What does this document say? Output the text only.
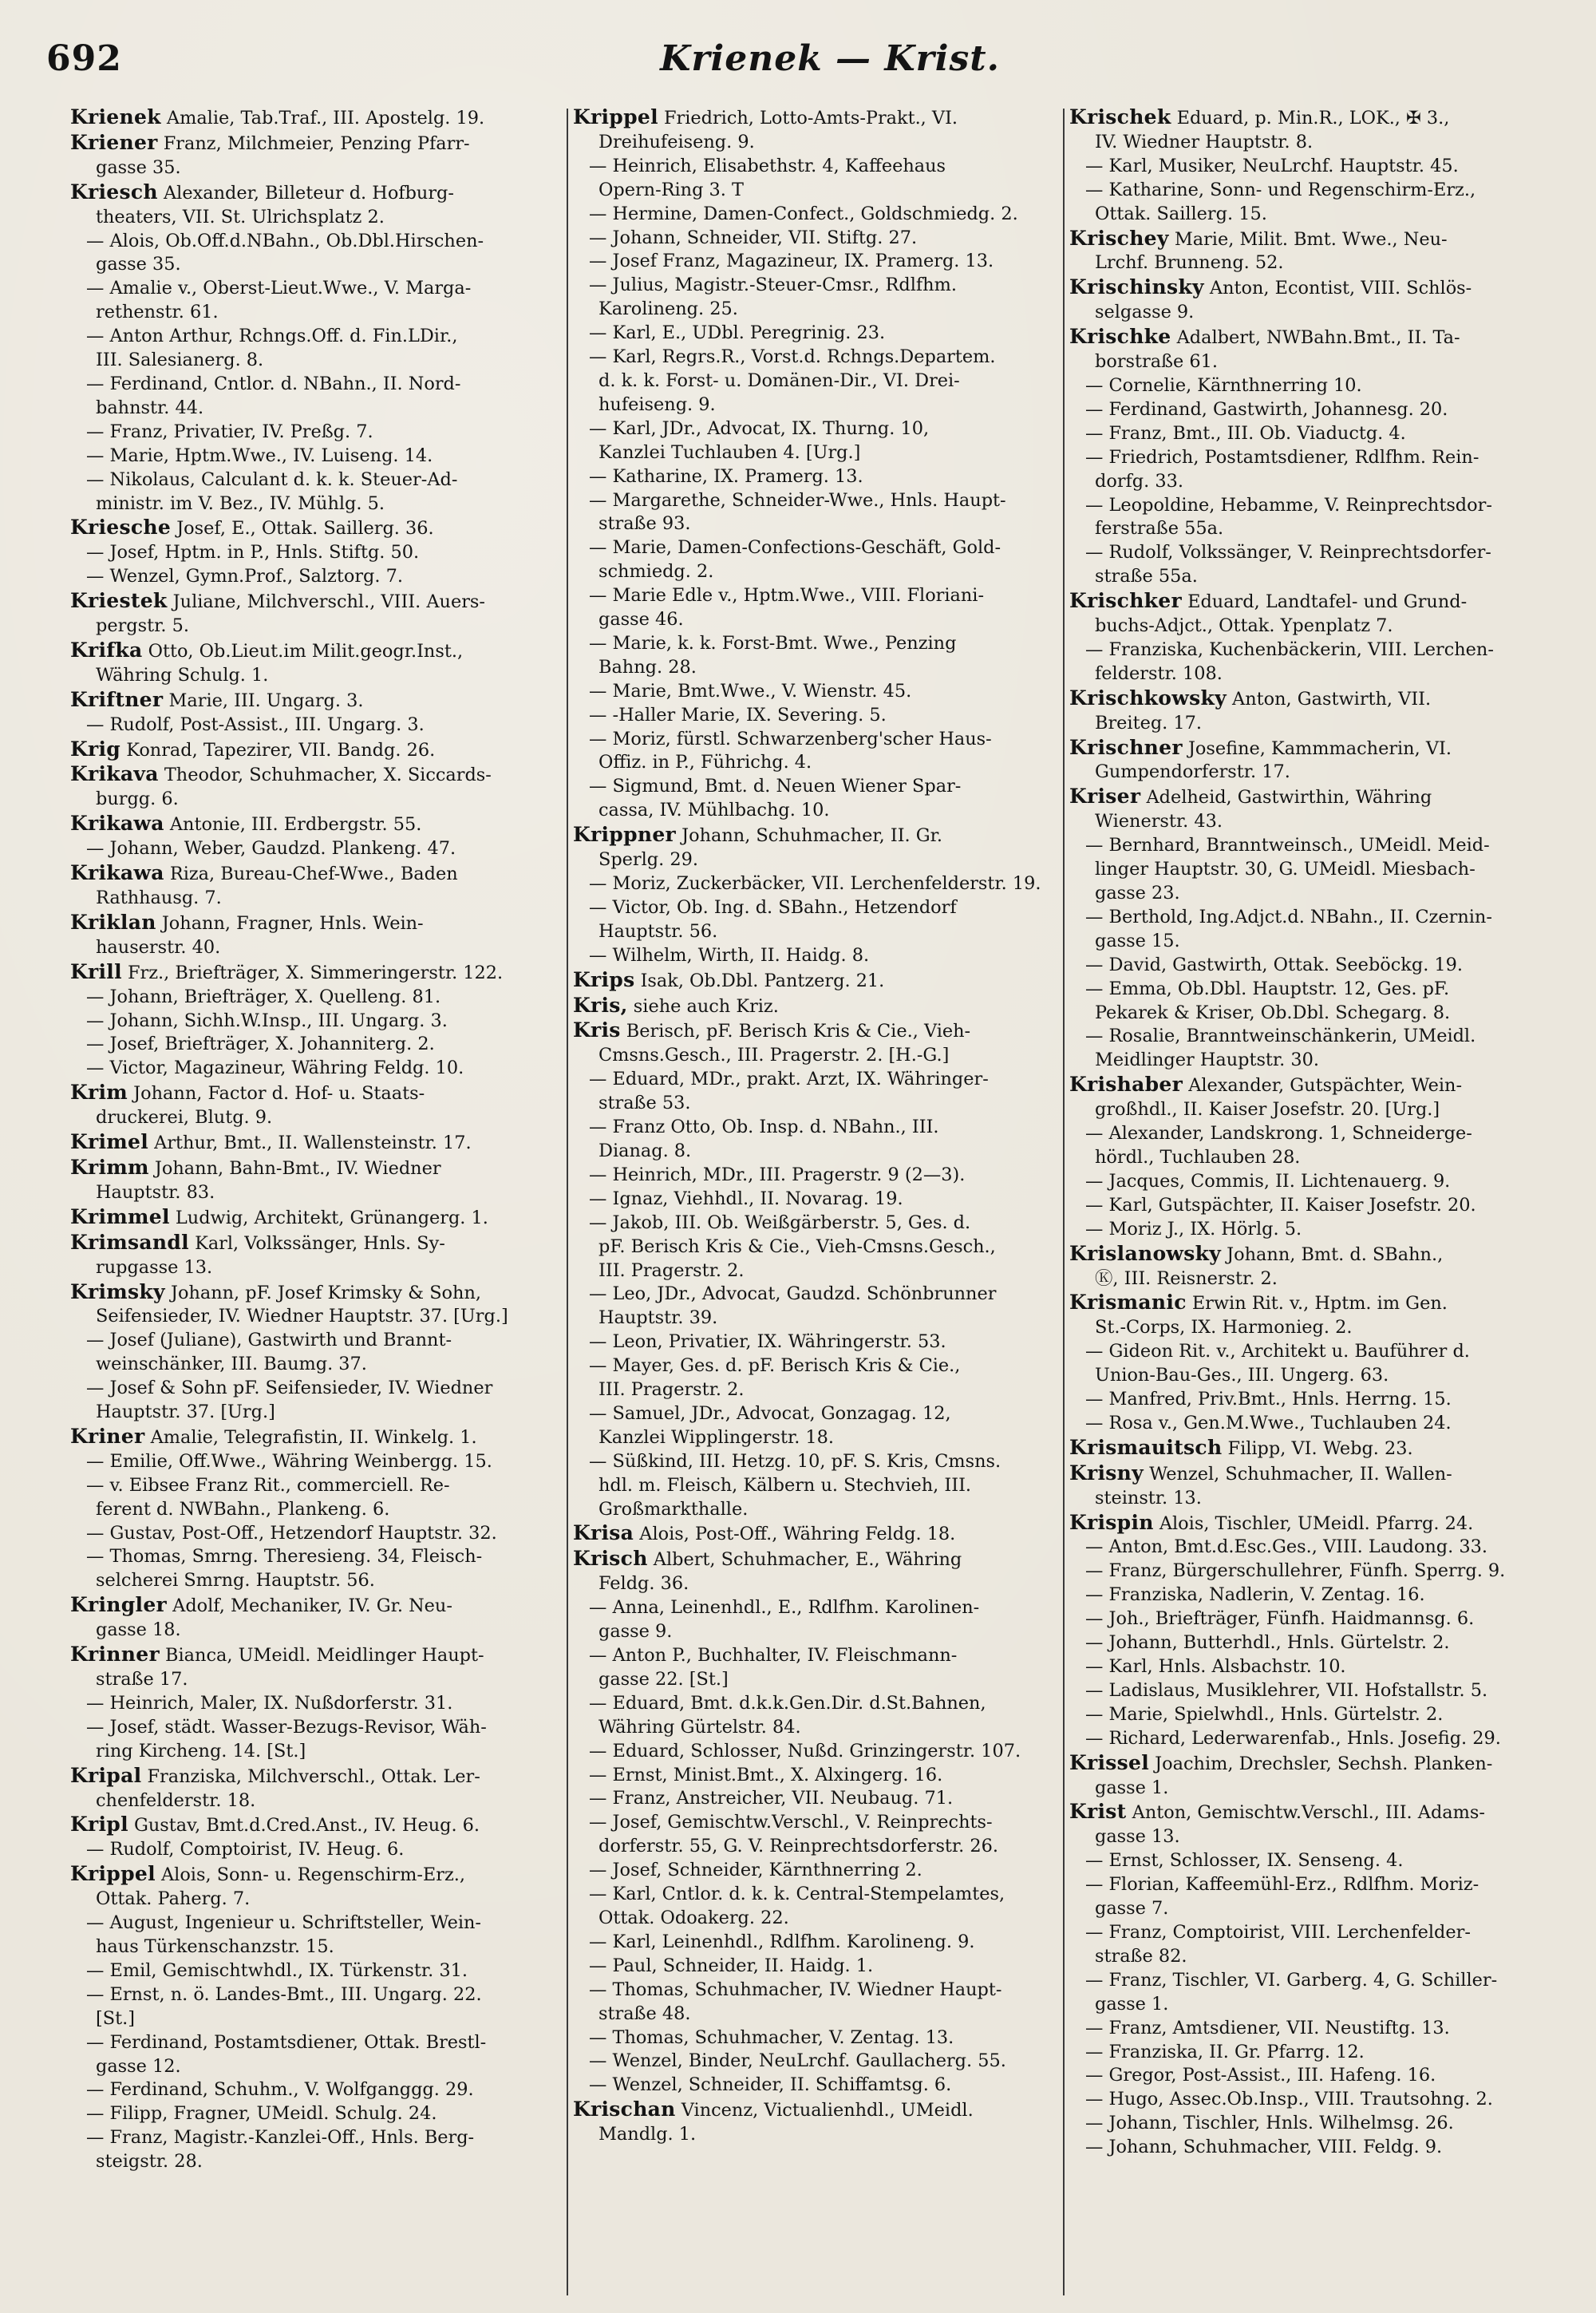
692	Krienek — Krist.
Krienek Amalie, Tab.Traf., III. Apostelg. 19.
Kriener Franz, Milchmeier, Penzing Pfarr-
gasse 35.
Kriesch Alexander, Billeteur d. Hofburg-
theaters, VII. St. Ulrichsplatz 2.
— Alois, Ob.Off.d.NBahn., Ob.Dbl.Hirschen-
gasse 35.
— Amalie v., Oberst-Lieut.Wwe., V. Marga-
rethenstr. 61.
— Anton Arthur, Rchngs.Off. d. Fin.LDir.,
III. Salesianerg. 8.
— Ferdinand, Cntlor. d. NBahn., II. Nord-
bahnstr. 44.
— Franz, Privatier, IV. Preßg. 7.
— Marie, Hptm.Wwe., IV. Luiseng. 14.
— Nikolaus, Calculant d. k. k. Steuer-Ad-
ministr. im V. Bez., IV. Mühlg. 5.
Kriesche Josef, E., Ottak. Saillerg. 36.
— Josef, Hptm. in P., Hnls. Stiftg. 50.
— Wenzel, Gymn.Prof., Salztorg. 7.
Kriestek Juliane, Milchverschl., VIII. Auers-
pergstr. 5.
Krifka Otto, Ob.Lieut.im Milit.geogr.Inst.,
Währing Schulg. 1.
Kriftner Marie, III. Ungarg. 3.
— Rudolf, Post-Assist., III. Ungarg. 3.
Krig Konrad, Tapezirer, VII. Bandg. 26.
Krikava Theodor, Schuhmacher, X. Siccards-
burgg. 6.
Krikawa Antonie, III. Erdbergstr. 55.
— Johann, Weber, Gaudzd. Plankeng. 47.
Krikawa Riza, Bureau-Chef-Wwe., Baden
Rathhausg. 7.
Kriklan Johann, Fragner, Hnls. Wein-
hauserstr. 40.
Krill Frz., Briefträger, X. Simmeringerstr. 122.
— Johann, Briefträger, X. Quelleng. 81.
— Johann, Sichh.W.Insp., III. Ungarg. 3.
— Josef, Briefträger, X. Johanniterg. 2.
— Victor, Magazineur, Währing Feldg. 10.
Krim Johann, Factor d. Hof- u. Staats-
druckerei, Blutg. 9.
Krimel Arthur, Bmt., II. Wallensteinstr. 17.
Krimm Johann, Bahn-Bmt., IV. Wiedner
Hauptstr. 83.
Krimmel Ludwig, Architekt, Grünangerg. 1.
Krimsandl Karl, Volkssänger, Hnls. Sy-
rupgasse 13.
Krimsky Johann, pF. Josef Krimsky & Sohn,
Seifensieder, IV. Wiedner Hauptstr. 37. [Urg.]
— Josef (Juliane), Gastwirth und Brannt-
weinschänker, III. Baumg. 37.
— Josef & Sohn pF. Seifensieder, IV. Wiedner
Hauptstr. 37. [Urg.]
Kriner Amalie, Telegrafistin, II. Winkelg. 1.
— Emilie, Off.Wwe., Währing Weinbergg. 15.
— v. Eibsee Franz Rit., commerciell. Re-
ferent d. NWBahn., Plankeng. 6.
— Gustav, Post-Off., Hetzendorf Hauptstr. 32.
— Thomas, Smrng. Theresieng. 34, Fleisch-
selcherei Smrng. Hauptstr. 56.
Kringler Adolf, Mechaniker, IV. Gr. Neu-
gasse 18.
Krinner Bianca, UMeidl. Meidlinger Haupt-
straße 17.
— Heinrich, Maler, IX. Nußdorferstr. 31.
— Josef, städt. Wasser-Bezugs-Revisor, Wäh-
ring Kircheng. 14. [St.]
Kripal Franziska, Milchverschl., Ottak. Ler-
chenfelderstr. 18.
Kripl Gustav, Bmt.d.Cred.Anst., IV. Heug. 6.
— Rudolf, Comptoirist, IV. Heug. 6.
Krippel Alois, Sonn- u. Regenschirm-Erz.,
Ottak. Paherg. 7.
— August, Ingenieur u. Schriftsteller, Wein-
haus Türkenschanzstr. 15.
— Emil, Gemischtwhdl., IX. Türkenstr. 31.
— Ernst, n. ö. Landes-Bmt., III. Ungarg. 22.
[St.]
— Ferdinand, Postamtsdiener, Ottak. Brestl-
gasse 12.
— Ferdinand, Schuhm., V. Wolfganggg. 29.
— Filipp, Fragner, UMeidl. Schulg. 24.
— Franz, Magistr.-Kanzlei-Off., Hnls. Berg-
steigstr. 28.
Krippel Friedrich, Lotto-Amts-Prakt., VI.
Dreihufeiseng. 9.
— Heinrich, Elisabethstr. 4, Kaffeehaus
Opern-Ring 3. T
— Hermine, Damen-Confect., Goldschmiedg. 2.
— Johann, Schneider, VII. Stiftg. 27.
— Josef Franz, Magazineur, IX. Pramerg. 13.
— Julius, Magistr.-Steuer-Cmsr., Rdlfhm.
Karolineng. 25.
— Karl, E., UDbl. Peregrinig. 23.
— Karl, Regrs.R., Vorst.d. Rchngs.Departem.
d. k. k. Forst- u. Domänen-Dir., VI. Drei-
hufeiseng. 9.
— Karl, JDr., Advocat, IX. Thurng. 10,
Kanzlei Tuchlauben 4. [Urg.]
— Katharine, IX. Pramerg. 13.
— Margarethe, Schneider-Wwe., Hnls. Haupt-
straße 93.
— Marie, Damen-Confections-Geschäft, Gold-
schmiedg. 2.
— Marie Edle v., Hptm.Wwe., VIII. Floriani-
gasse 46.
— Marie, k. k. Forst-Bmt. Wwe., Penzing
Bahng. 28.
— Marie, Bmt.Wwe., V. Wienstr. 45.
— -Haller Marie, IX. Severing. 5.
— Moriz, fürstl. Schwarzenberg'scher Haus-
Offiz. in P., Führichg. 4.
— Sigmund, Bmt. d. Neuen Wiener Spar-
cassa, IV. Mühlbachg. 10.
Krippner Johann, Schuhmacher, II. Gr.
Sperlg. 29.
— Moriz, Zuckerbäcker, VII. Lerchenfelderstr. 19.
— Victor, Ob. Ing. d. SBahn., Hetzendorf
Hauptstr. 56.
— Wilhelm, Wirth, II. Haidg. 8.
Krips Isak, Ob.Dbl. Pantzerg. 21.
Kris, siehe auch Kriz.
Kris Berisch, pF. Berisch Kris & Cie., Vieh-
Cmsns.Gesch., III. Pragerstr. 2. [H.-G.]
— Eduard, MDr., prakt. Arzt, IX. Währinger-
straße 53.
— Franz Otto, Ob. Insp. d. NBahn., III.
Dianag. 8.
— Heinrich, MDr., III. Pragerstr. 9 (2—3).
— Ignaz, Viehhdl., II. Novarag. 19.
— Jakob, III. Ob. Weißgärberstr. 5, Ges. d.
pF. Berisch Kris & Cie., Vieh-Cmsns.Gesch.,
III. Pragerstr. 2.
— Leo, JDr., Advocat, Gaudzd. Schönbrunner
Hauptstr. 39.
— Leon, Privatier, IX. Währingerstr. 53.
— Mayer, Ges. d. pF. Berisch Kris & Cie.,
III. Pragerstr. 2.
— Samuel, JDr., Advocat, Gonzagag. 12,
Kanzlei Wipplingerstr. 18.
— Süßkind, III. Hetzg. 10, pF. S. Kris, Cmsns.
hdl. m. Fleisch, Kälbern u. Stechvieh, III.
Großmarkthalle.
Krisa Alois, Post-Off., Währing Feldg. 18.
Krisch Albert, Schuhmacher, E., Währing
Feldg. 36.
— Anna, Leinenhdl., E., Rdlfhm. Karolinen-
gasse 9.
— Anton P., Buchhalter, IV. Fleischmann-
gasse 22. [St.]
— Eduard, Bmt. d.k.k.Gen.Dir. d.St.Bahnen,
Währing Gürtelstr. 84.
— Eduard, Schlosser, Nußd. Grinzingerstr. 107.
— Ernst, Minist.Bmt., X. Alxingerg. 16.
— Franz, Anstreicher, VII. Neubaug. 71.
— Josef, Gemischtw.Verschl., V. Reinprechts-
dorferstr. 55, G. V. Reinprechtsdorferstr. 26.
— Josef, Schneider, Kärnthnerring 2.
— Karl, Cntlor. d. k. k. Central-Stempelamtes,
Ottak. Odoakerg. 22.
— Karl, Leinenhdl., Rdlfhm. Karolineng. 9.
— Paul, Schneider, II. Haidg. 1.
— Thomas, Schuhmacher, IV. Wiedner Haupt-
straße 48.
— Thomas, Schuhmacher, V. Zentag. 13.
— Wenzel, Binder, NeuLrchf. Gaullacherg. 55.
— Wenzel, Schneider, II. Schiffamtsg. 6.
Krischan Vincenz, Victualienhdl., UMeidl.
Mandlg. 1.
Krischek Eduard, p. Min.R., LOK., ✠ 3.,
IV. Wiedner Hauptstr. 8.
— Karl, Musiker, NeuLrchf. Hauptstr. 45.
— Katharine, Sonn- und Regenschirm-Erz.,
Ottak. Saillerg. 15.
Krischey Marie, Milit. Bmt. Wwe., Neu-
Lrchf. Brunneng. 52.
Krischinsky Anton, Econtist, VIII. Schlös-
selgasse 9.
Krischke Adalbert, NWBahn.Bmt., II. Ta-
borstraße 61.
— Cornelie, Kärnthnerring 10.
— Ferdinand, Gastwirth, Johannesg. 20.
— Franz, Bmt., III. Ob. Viaductg. 4.
— Friedrich, Postamtsdiener, Rdlfhm. Rein-
dorfg. 33.
— Leopoldine, Hebamme, V. Reinprechtsdor-
ferstraße 55a.
— Rudolf, Volkssänger, V. Reinprechtsdorfer-
straße 55a.
Krischker Eduard, Landtafel- und Grund-
buchs-Adjct., Ottak. Ypenplatz 7.
— Franziska, Kuchenbäckerin, VIII. Lerchen-
felderstr. 108.
Krischkowsky Anton, Gastwirth, VII.
Breiteg. 17.
Krischner Josefine, Kammmacherin, VI.
Gumpendorferstr. 17.
Kriser Adelheid, Gastwirthin, Währing
Wienerstr. 43.
— Bernhard, Branntweinsch., UMeidl. Meid-
linger Hauptstr. 30, G. UMeidl. Miesbach-
gasse 23.
— Berthold, Ing.Adjct.d. NBahn., II. Czernin-
gasse 15.
— David, Gastwirth, Ottak. Seeböckg. 19.
— Emma, Ob.Dbl. Hauptstr. 12, Ges. pF.
Pekarek & Kriser, Ob.Dbl. Schegarg. 8.
— Rosalie, Branntweinschänkerin, UMeidl.
Meidlinger Hauptstr. 30.
Krishaber Alexander, Gutspächter, Wein-
großhdl., II. Kaiser Josefstr. 20. [Urg.]
— Alexander, Landskrong. 1, Schneiderge-
hördl., Tuchlauben 28.
— Jacques, Commis, II. Lichtenauerg. 9.
— Karl, Gutspächter, II. Kaiser Josefstr. 20.
— Moriz J., IX. Hörlg. 5.
Krislanowsky Johann, Bmt. d. SBahn.,
Ⓚ, III. Reisnerstr. 2.
Krismanic Erwin Rit. v., Hptm. im Gen.
St.-Corps, IX. Harmonieg. 2.
— Gideon Rit. v., Architekt u. Bauführer d.
Union-Bau-Ges., III. Ungerg. 63.
— Manfred, Priv.Bmt., Hnls. Herrng. 15.
— Rosa v., Gen.M.Wwe., Tuchlauben 24.
Krismauitsch Filipp, VI. Webg. 23.
Krisny Wenzel, Schuhmacher, II. Wallen-
steinstr. 13.
Krispin Alois, Tischler, UMeidl. Pfarrg. 24.
— Anton, Bmt.d.Esc.Ges., VIII. Laudong. 33.
— Franz, Bürgerschullehrer, Fünfh. Sperrg. 9.
— Franziska, Nadlerin, V. Zentag. 16.
— Joh., Briefträger, Fünfh. Haidmannsg. 6.
— Johann, Butterhdl., Hnls. Gürtelstr. 2.
— Karl, Hnls. Alsbachstr. 10.
— Ladislaus, Musiklehrer, VII. Hofstallstr. 5.
— Marie, Spielwhdl., Hnls. Gürtelstr. 2.
— Richard, Lederwarenfab., Hnls. Josefig. 29.
Krissel Joachim, Drechsler, Sechsh. Planken-
gasse 1.
Krist Anton, Gemischtw.Verschl., III. Adams-
gasse 13.
— Ernst, Schlosser, IX. Senseng. 4.
— Florian, Kaffeemühl-Erz., Rdlfhm. Moriz-
gasse 7.
— Franz, Comptoirist, VIII. Lerchenfelder-
straße 82.
— Franz, Tischler, VI. Garberg. 4, G. Schiller-
gasse 1.
— Franz, Amtsdiener, VII. Neustiftg. 13.
— Franziska, II. Gr. Pfarrg. 12.
— Gregor, Post-Assist., III. Hafeng. 16.
— Hugo, Assec.Ob.Insp., VIII. Trautsohng. 2.
— Johann, Tischler, Hnls. Wilhelmsg. 26.
— Johann, Schuhmacher, VIII. Feldg. 9.
